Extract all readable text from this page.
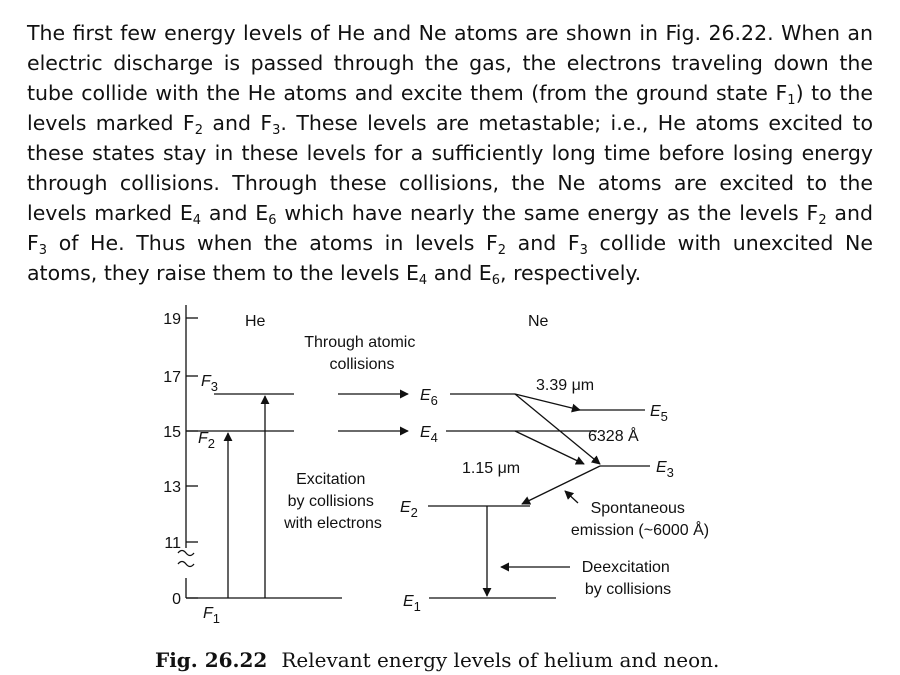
The first few energy levels of He and Ne atoms are shown in Fig. 26.22. When an electric discharge is passed through the gas, the electrons traveling down the tube collide with the He atoms and excite them (from the ground state $F_1$) to the levels marked $F_2$ and $F_3$. These levels are metastable; i.e., He atoms excited to these states stay in these levels for a sufficiently long time before losing energy through collisions. Through these collisions, the Ne atoms are excited to the levels marked $E_4$ and $E_6$ which have nearly the same energy as the levels $F_2$ and $F_3$ of He. Thus when the atoms in levels $F_2$ and $F_3$ collide with unexcited Ne atoms, they raise them to the levels $E_4$ and $E_6$, respectively.

19
17
15
13
11
0
He	Ne
Through atomic collisions
$F_3$
$F_2$
$F_1$
$E_6$
$E_4$
$E_5$
$E_3$
$E_2$
$E_1$
3.39 μm
6328 Å
1.15 μm
Excitation by collisions with electrons
Spontaneous emission (~6000 Å)
Deexcitation by collisions
Fig. 26.22 Relevant energy levels of helium and neon.
